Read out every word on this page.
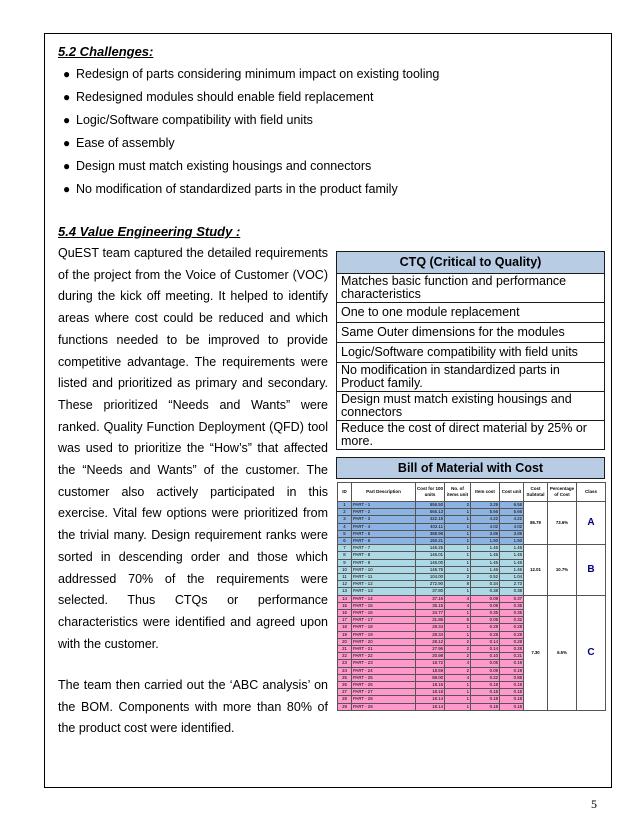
5.2 Challenges:
● Redesign of parts considering minimum impact on existing tooling
● Redesigned modules should enable field replacement
● Logic/Software compatibility with field units
● Ease of assembly
● Design must match existing housings and connectors
● No modification of standardized parts in the product family
5.4 Value Engineering Study :

QuEST team captured the detailed requirements of the project from the Voice of Customer (VOC) during the kick off meeting. It helped to identify areas where cost could be reduced and which functions needed to be improved to provide competitive advantage. The requirements were listed and prioritized as primary and secondary. These prioritized “Needs and Wants” were ranked. Quality Function Deployment (QFD) tool was used to prioritize the “How’s” that affected the “Needs and Wants” of the customer. The customer also actively participated in this exercise. Vital few options were prioritized from the trivial many. Design requirement ranks were sorted in descending order and those which addressed 70% of the requirements were selected. Thus CTQs or performance characteristics were identified and agreed upon with the customer.

The team then carried out the ‘ABC analysis’ on the BOM. Components with more than 80% of the product cost were identified.

CTQ (Critical to Quality)
Matches basic function and performance characteristics
One to one module replacement
Same Outer dimensions for the modules
Logic/Software compatibility with field units
No modification in standardized parts in Product family.
Design must match existing housings and connectors
Reduce the cost of direct material by 25% or more.
Bill of Material with Cost
ID	Part Description	Cost for 100 units	No. of items unit	Item cost	Cost unit	Cost Subtotal	Percentage of Cost	Class
1	PART - 1	556.50	2	3.29	6.58	86.79	73.6%	A
2	PART - 2	566.13	1	5.66	5.66			
3	PART - 3	422.15	1	4.22	4.22			
4	PART - 4	402.11	1	4.02	4.02			
5	PART - 5	388.98	1	3.89	3.89			
6	PART - 6	150.21	1	1.50	1.50			
7	PART - 7	146.25	1	1.46	1.46	12.01	10.7%	B
8	PART - 8	146.01	1	1.46	1.46			
9	PART - 9	146.00	1	1.46	1.46			
10	PART - 10	145.75	1	1.46	1.46			
11	PART - 11	104.00	2	0.52	1.04			
12	PART - 12	272.90	8	0.34	2.73			
13	PART - 13	37.80	1	0.38	0.38			
14	PART - 14	37.16	4	0.09	0.37	7.30	6.5%	C
15	PART - 15	35.15	4	0.09	0.35			
16	PART - 16	34.77	1	0.35	0.35			
17	PART - 17	31.86	6	0.05	0.32			
18	PART - 18	28.34	1	0.28	0.28			
19	PART - 19	28.34	1	0.28	0.28			
20	PART - 20	28.12	2	0.14	0.28			
21	PART - 21	27.96	2	0.14	0.28			
22	PART - 22	20.98	2	0.10	0.21			
23	PART - 23	18.72	4	0.05	0.19			
24	PART - 24	18.59	2	0.09	0.19			
25	PART - 25	88.00	4	0.22	0.88			
26	PART - 26	18.16	1	0.18	0.18			
27	PART - 27	18.16	1	0.18	0.18			
28	PART - 28	18.14	1	0.18	0.18			
29	PART - 29	18.14	1	0.18	0.18			
5
